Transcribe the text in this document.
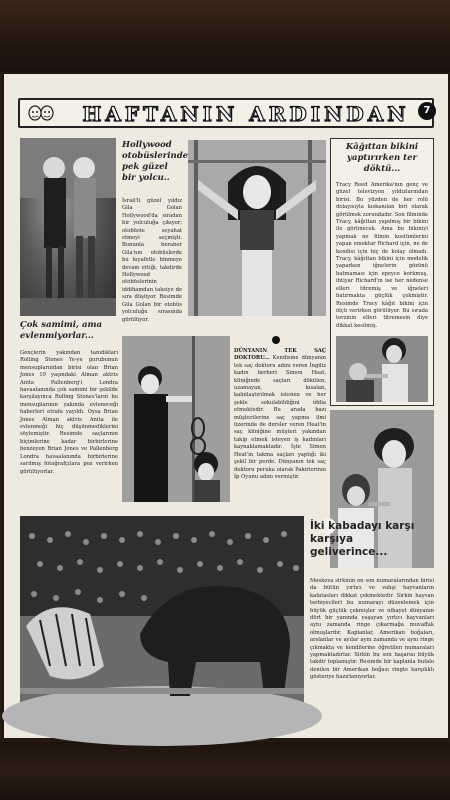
HAFTANIN ARDINDAN	7
Hollywood otobüslerinde pek güzel bir yolcu..
İsrail'li güzel yıldız Gila Golan Hollywood'da sıradan bir yolculuğa çıkıyor; otobüste seyahat etmeyi seçmişti. Bununla beraber Gila'nın otobüslerde bu kıyafetle binmeye devam ettiği, takdirde Hollywood otobüslerinin iddihamdan taksiye de sıra düşüyor. Resimde Gila Golan bir otobüs yolculuğu sırasında görülüyor.
Kâğıttan bikini yaptırırken ter döktü...
Tracy Reed Amerika'nın genç ve güzel televizyon yıldızlarından birisi. Bu yüzden de her rolü dolayısıyla kıskanılan biri olarak görülmek zorundadır. Son filminde Tracy, kâğıttan yapılmış bir bikini ile görünecek. Ama bu bikiniyi yapmak ne filmin kostümlerini yapan emektar Richard için, ne de kendisi için hiç de kolay olmadı. Tracy, kâğıttan bikini için modelik yaparken iğnelerin gözünü batmaması için epeyce korkmuş, ihtiyar Richard'ın ise her nedense elleri titremiş ve iğneleri batırmakta güçlük çekmiştir. Resimde Tracy kâğıt bikini için ölçü verirken görülüyor. Bu sırada terzinin elleri titremesin diye dikkat kesilmiş.
Çok samimi, ama evlenmiyorlar...
Gençlerin yakından tanıdıkları Rolling Stones Ye-ye gurubunun mensuplarından birisi olan Brian Jones 19 yaşındaki Alman aktris Anita Pallenberg'i Londra havaalanında çok samimi bir şekilde karşılayınca Rolling Stones'ların bu mensuplarının yakında evleneceği haberleri etrafa yayıldı. Oysa Brian Jones Alman aktris Anita ile evlenmeği hiç düşünmediklerini söylemiştir. Resimde saçlarının biçimlerine kadar birbirlerine benzeyen Brian Jones ve Pallenberg Londra havaalanında birbirlerine sarılmış fotoğrafçılara poz verirken görülüyorlar.
DÜNYANIN TEK SAÇ DOKTORU... Kendisine dünyanın tek saç doktoru adını veren İngiliz kadın berberi Simon Heat, kliniğinde saçları dökülen, uzamayan, kısalan, kalınlaştırılmak istenen ve her şekle sokulabildiğini iddia etmektedir. Bu arada bazı müşterilerine saç yapma ilmi üzerinde de dersler veren Heat'in saç kliniğine müşteri yakından takip etmek isteyen iş kadınları kaynaklamaktadır. İşte Simon Heat'in takma saçları yaptığı iki şekil bir perde. Dünyanın tek saç doktoru peruka olarak Pakirlerinin İp Oyunu adını vermiştir.
İki kabadayı karşı karşıya geliverince...
Moskova sirkinin en son numaralarından birisi da bütün yırtıcı ve vahşi hayvanların kafatasları dikkat çekmektedir. Sirkin hayvan terbiyecileri bu numarayı düzenlemek için büyük güçlük çekmişler ve nihayet dünyanın dört bir yanında yaşayan yırtıcı hayvanları aynı zamanda ringe çıkarmağa muvaffak olmuşlardır. Kaplanlar, Amerikan boğaları, arslanlar ve ayılar aynı zamanda ve aynı ringe çıkmakta ve kendilerine öğretilen numaraları yapmaktadırlar. Sirkin bu son başarısı büyük takdir toplamıştır. Resimde bir kaplanla bufalo denilen bir Amerikan boğası ringte karşılıklı gösteriye hazırlanıyorlar.
